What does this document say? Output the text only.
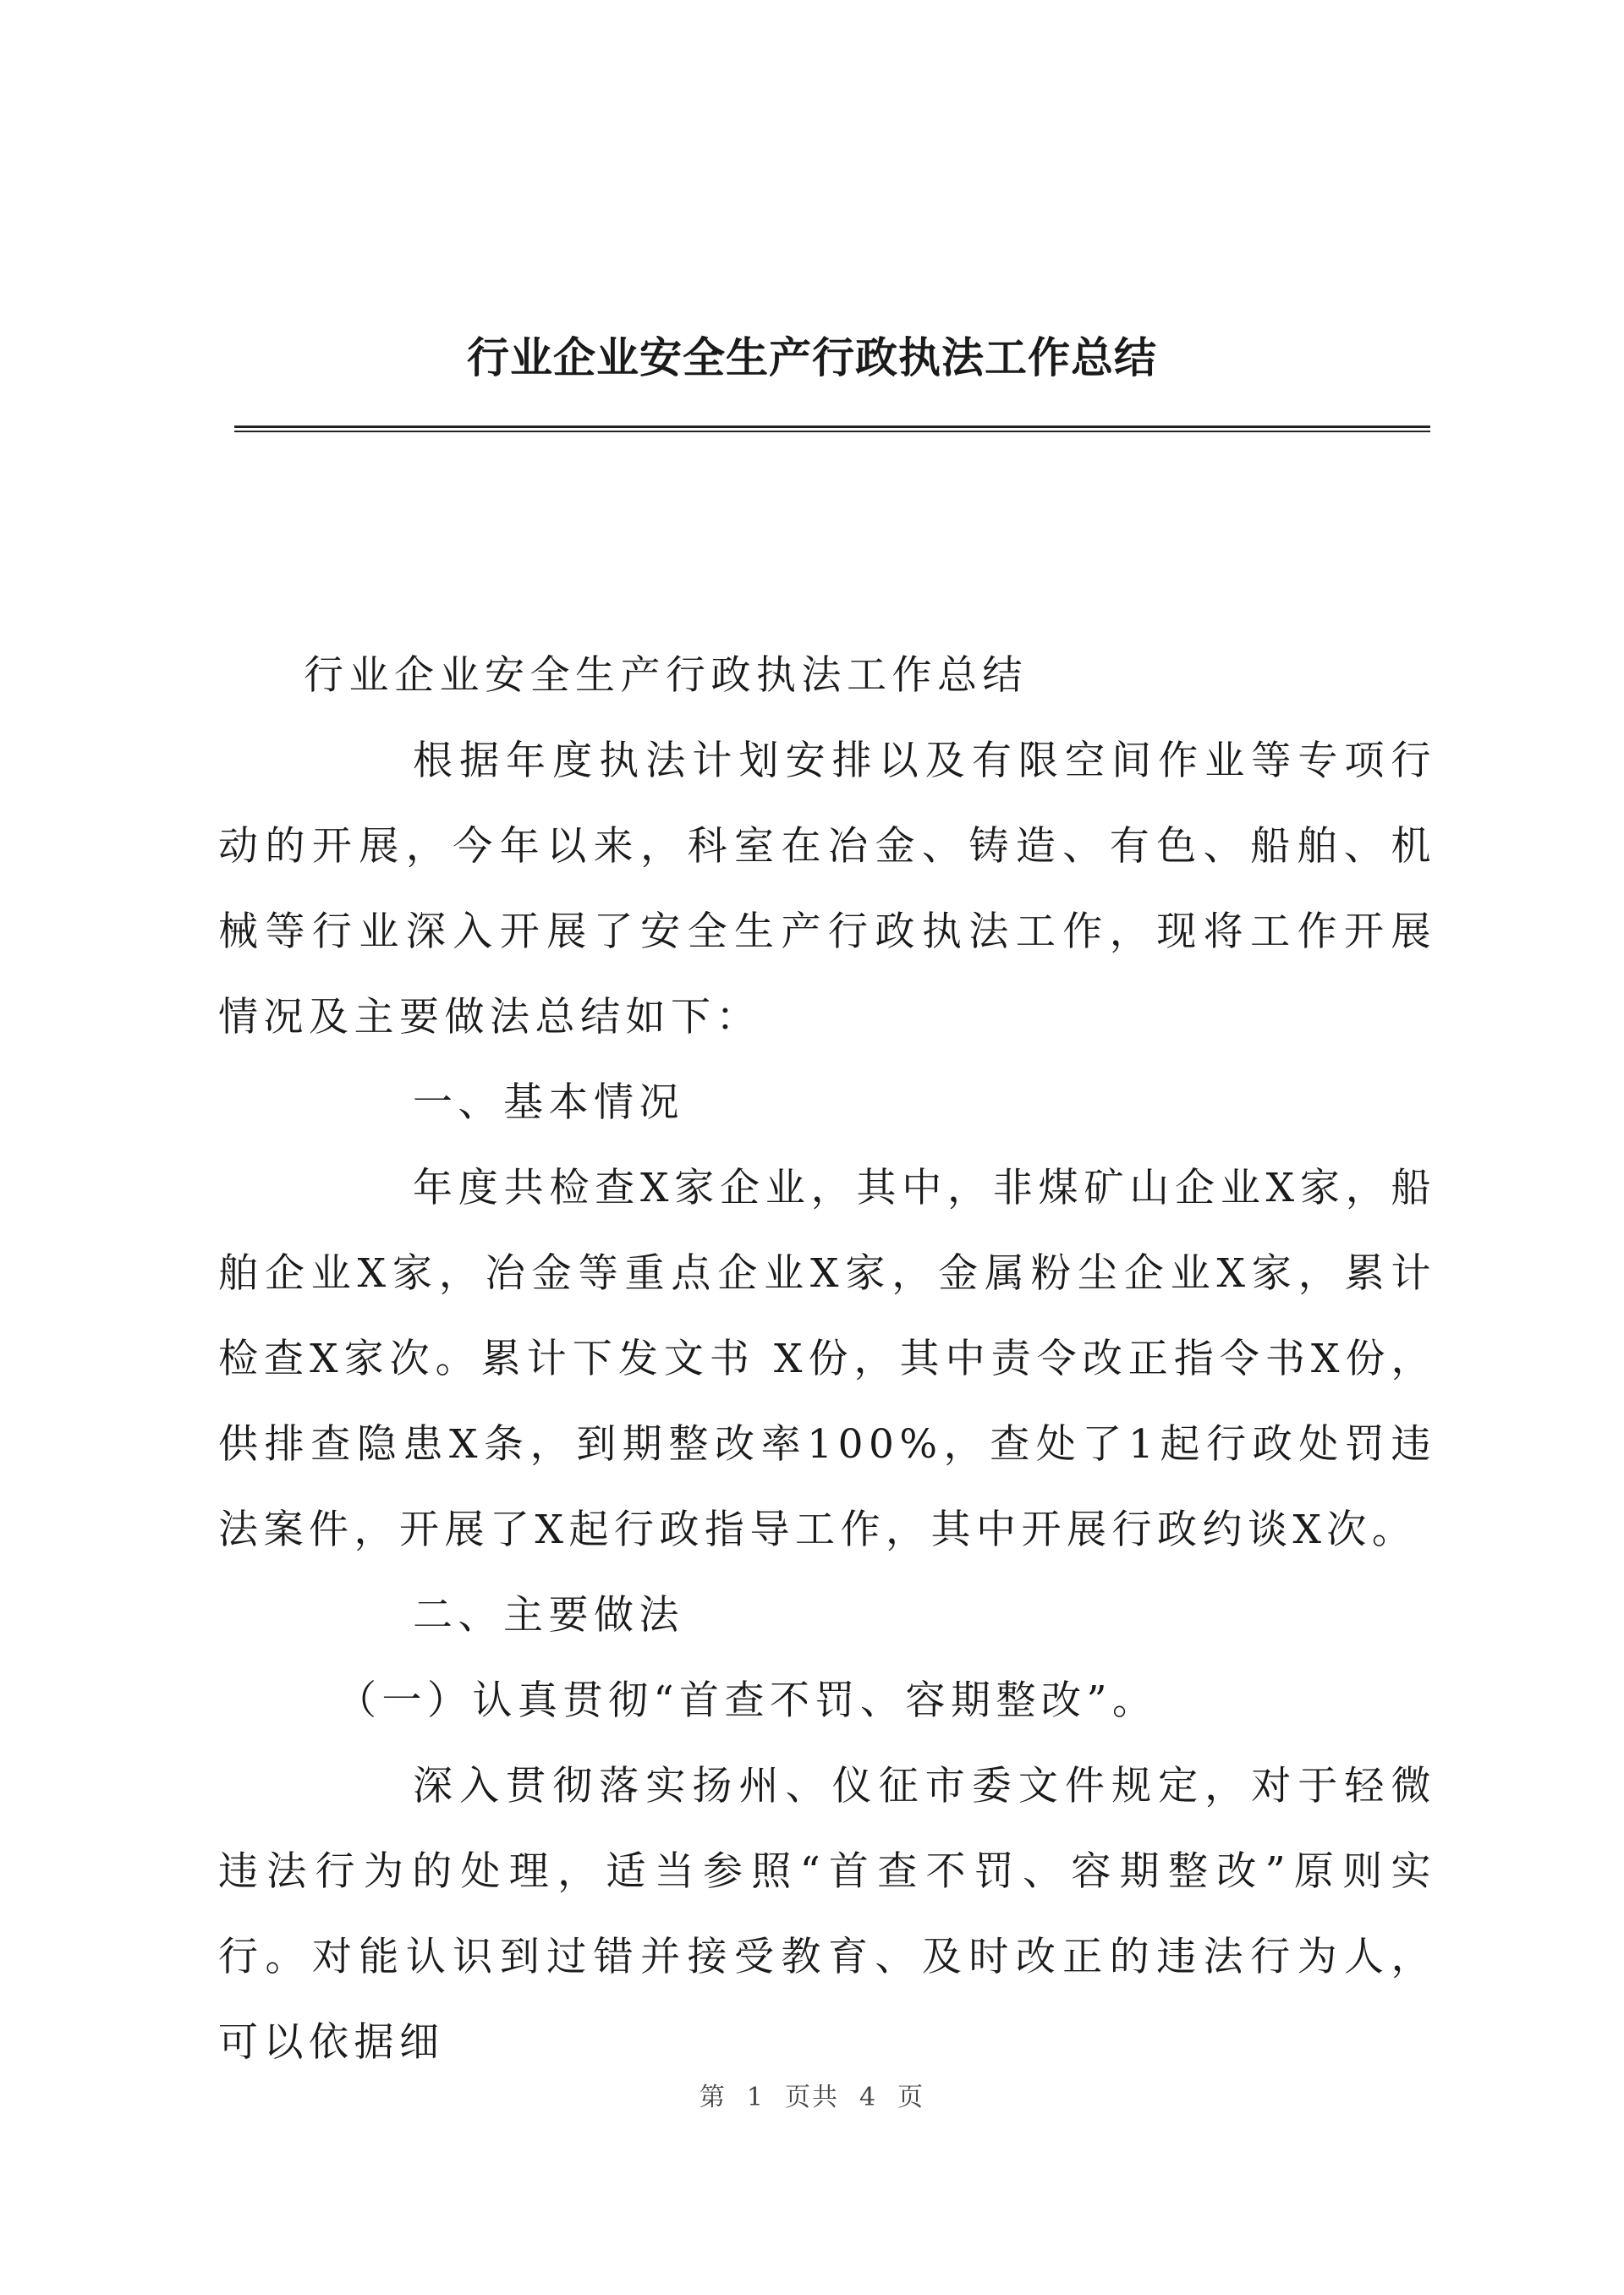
行业企业安全生产行政执法工作总结

行业企业安全生产行政执法工作总结

根据年度执法计划安排以及有限空间作业等专项行动的开展，今年以来，科室在冶金、铸造、有色、船舶、机械等行业深入开展了安全生产行政执法工作，现将工作开展情况及主要做法总结如下：

一、基本情况

年度共检查X家企业，其中，非煤矿山企业X家，船舶企业X家，冶金等重点企业X家，金属粉尘企业X家，累计检查X家次。累计下发文书 X份，其中责令改正指令书X份，供排查隐患X条，到期整改率100%，查处了1起行政处罚违法案件，开展了X起行政指导工作，其中开展行政约谈X次。

二、主要做法

（一）认真贯彻“首查不罚、容期整改”。

深入贯彻落实扬州、仪征市委文件规定，对于轻微违法行为的处理，适当参照“首查不罚、容期整改”原则实行。对能认识到过错并接受教育、及时改正的违法行为人，可以依据细

第 1 页共 4 页
